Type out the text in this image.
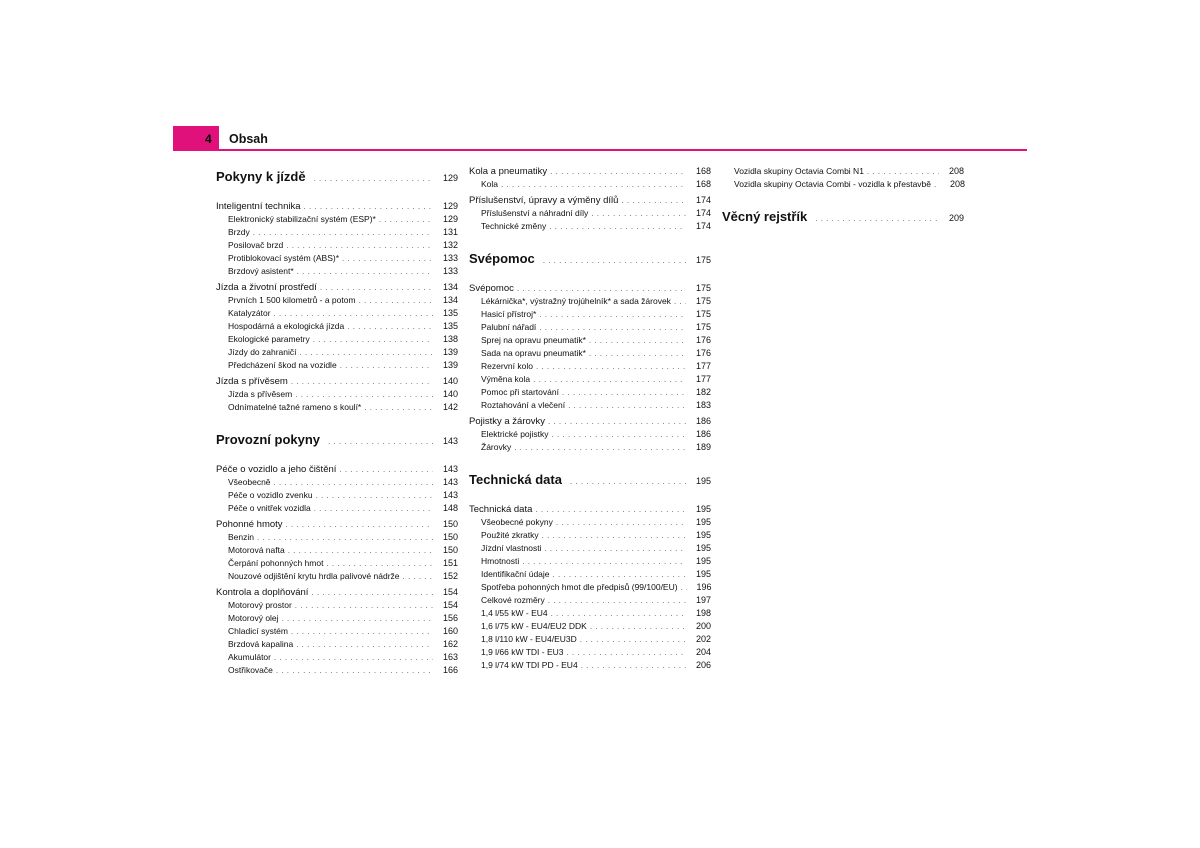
4	Obsah
Pokyny k jízdě . . .	129
Inteligentní technika . . .	129
Elektronický stabilizační systém (ESP)* . . .	129
Brzdy . . .	131
Posilovač brzd . . .	132
Protiblokovací systém (ABS)* . . .	133
Brzdový asistent* . . .	133
Jízda a životní prostředí . . .	134
Prvních 1 500 kilometrů - a potom . . .	134
Katalyzátor . . .	135
Hospodárná a ekologická jízda . . .	135
Ekologické parametry . . .	138
Jízdy do zahraničí . . .	139
Předcházení škod na vozidle . . .	139
Jízda s přívěsem . . .	140
Jízda s přívěsem . . .	140
Odnímatelné tažné rameno s koulí* . . .	142
Provozní pokyny . . .	143
Péče o vozidlo a jeho čištění . . .	143
Všeobecně . . .	143
Péče o vozidlo zvenku . . .	143
Péče o vnitřek vozidla . . .	148
Pohonné hmoty . . .	150
Benzin . . .	150
Motorová nafta . . .	150
Čerpání pohonných hmot . . .	151
Nouzové odjištění krytu hrdla palivové nádrže . . .	152
Kontrola a doplňování . . .	154
Motorový prostor . . .	154
Motorový olej . . .	156
Chladicí systém . . .	160
Brzdová kapalina . . .	162
Akumulátor . . .	163
Ostřikovače . . .	166
Kola a pneumatiky . . .	168
Kola . . .	168
Příslušenství, úpravy a výměny dílů . . .	174
Příslušenství a náhradní díly . . .	174
Technické změny . . .	174
Svépomoc . . .	175
Svépomoc . . .	175
Lékárnička*, výstražný trojúhelník* a sada žárovek . . .	175
Hasicí přístroj* . . .	175
Palubní nářadí . . .	175
Sprej na opravu pneumatik* . . .	176
Sada na opravu pneumatik* . . .	176
Rezervní kolo . . .	177
Výměna kola . . .	177
Pomoc při startování . . .	182
Roztahování a vlečení . . .	183
Pojistky a žárovky . . .	186
Elektrické pojistky . . .	186
Žárovky . . .	189
Technická data . . .	195
Technická data . . .	195
Všeobecné pokyny . . .	195
Použité zkratky . . .	195
Jízdní vlastnosti . . .	195
Hmotnosti . . .	195
Identifikační údaje . . .	195
Spotřeba pohonných hmot dle předpisů (99/100/EU) . . .	196
Celkové rozměry . . .	197
1,4 l/55 kW - EU4 . . .	198
1,6 l/75 kW - EU4/EU2 DDK . . .	200
1,8 l/110 kW - EU4/EU3D . . .	202
1,9 l/66 kW TDI - EU3 . . .	204
1,9 l/74 kW TDI PD - EU4 . . .	206
Vozidla skupiny Octavia Combi N1 . . .	208
Vozidla skupiny Octavia Combi - vozidla k přestavbě . . .	208
Věcný rejstřík . . .	209
